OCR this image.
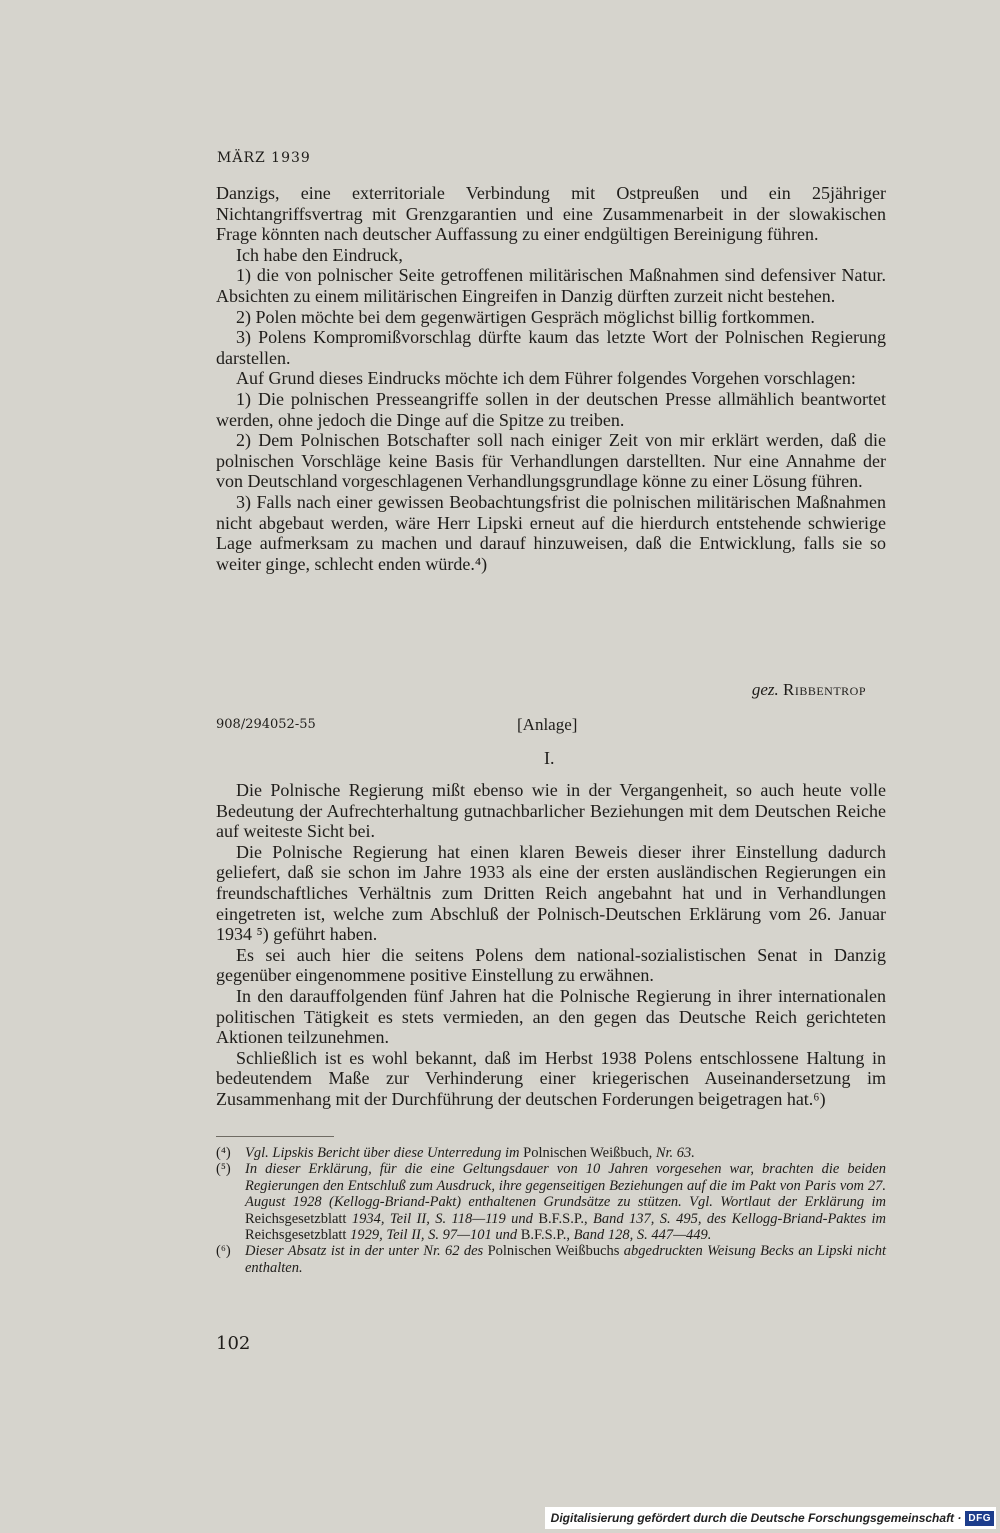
MÄRZ 1939

Danzigs, eine exterritoriale Verbindung mit Ostpreußen und ein 25jähriger Nichtangriffsvertrag mit Grenzgarantien und eine Zusammenarbeit in der slowakischen Frage könnten nach deutscher Auffassung zu einer endgültigen Bereinigung führen.

Ich habe den Eindruck,

1) die von polnischer Seite getroffenen militärischen Maßnahmen sind defensiver Natur. Absichten zu einem militärischen Eingreifen in Danzig dürften zurzeit nicht bestehen.

2) Polen möchte bei dem gegenwärtigen Gespräch möglichst billig fortkommen.

3) Polens Kompromißvorschlag dürfte kaum das letzte Wort der Polnischen Regierung darstellen.

Auf Grund dieses Eindrucks möchte ich dem Führer folgendes Vorgehen vorschlagen:

1) Die polnischen Presseangriffe sollen in der deutschen Presse allmählich beantwortet werden, ohne jedoch die Dinge auf die Spitze zu treiben.

2) Dem Polnischen Botschafter soll nach einiger Zeit von mir erklärt werden, daß die polnischen Vorschläge keine Basis für Verhandlungen darstellten. Nur eine Annahme der von Deutschland vorgeschlagenen Verhandlungsgrundlage könne zu einer Lösung führen.

3) Falls nach einer gewissen Beobachtungsfrist die polnischen militärischen Maßnahmen nicht abgebaut werden, wäre Herr Lipski erneut auf die hierdurch entstehende schwierige Lage aufmerksam zu machen und darauf hinzuweisen, daß die Entwicklung, falls sie so weiter ginge, schlecht enden würde.⁴)

gez. Ribbentrop
908/294052-55	[Anlage]
I.

Die Polnische Regierung mißt ebenso wie in der Vergangenheit, so auch heute volle Bedeutung der Aufrechterhaltung gutnachbarlicher Beziehungen mit dem Deutschen Reiche auf weiteste Sicht bei.

Die Polnische Regierung hat einen klaren Beweis dieser ihrer Einstellung dadurch geliefert, daß sie schon im Jahre 1933 als eine der ersten ausländischen Regierungen ein freundschaftliches Verhältnis zum Dritten Reich angebahnt hat und in Verhandlungen eingetreten ist, welche zum Abschluß der Polnisch-Deutschen Erklärung vom 26. Januar 1934 ⁵) geführt haben.

Es sei auch hier die seitens Polens dem national-sozialistischen Senat in Danzig gegenüber eingenommene positive Einstellung zu erwähnen.

In den darauffolgenden fünf Jahren hat die Polnische Regierung in ihrer internationalen politischen Tätigkeit es stets vermieden, an den gegen das Deutsche Reich gerichteten Aktionen teilzunehmen.

Schließlich ist es wohl bekannt, daß im Herbst 1938 Polens entschlossene Haltung in bedeutendem Maße zur Verhinderung einer kriegerischen Auseinandersetzung im Zusammenhang mit der Durchführung der deutschen Forderungen beigetragen hat.⁶)

(⁴) Vgl. Lipskis Bericht über diese Unterredung im Polnischen Weißbuch, Nr. 63.

(⁵) In dieser Erklärung, für die eine Geltungsdauer von 10 Jahren vorgesehen war, brachten die beiden Regierungen den Entschluß zum Ausdruck, ihre gegenseitigen Beziehungen auf die im Pakt von Paris vom 27. August 1928 (Kellogg-Briand-Pakt) enthaltenen Grundsätze zu stützen. Vgl. Wortlaut der Erklärung im Reichsgesetzblatt 1934, Teil II, S. 118—119 und B.F.S.P., Band 137, S. 495, des Kellogg-Briand-Paktes im Reichsgesetzblatt 1929, Teil II, S. 97—101 und B.F.S.P., Band 128, S. 447—449.

(⁶) Dieser Absatz ist in der unter Nr. 62 des Polnischen Weißbuchs abgedruckten Weisung Becks an Lipski nicht enthalten.

102
Digitalisierung gefördert durch die Deutsche Forschungsgemeinschaft · DFG
